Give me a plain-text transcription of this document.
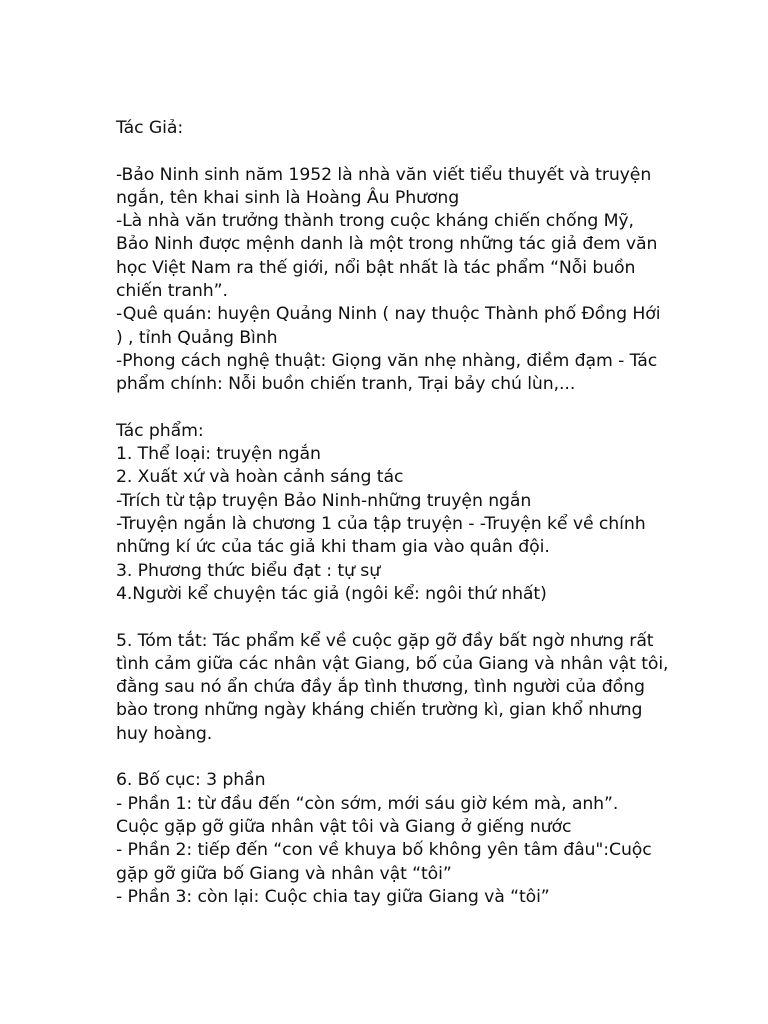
Tác Giả:
-Bảo Ninh sinh năm 1952 là nhà văn viết tiểu thuyết và truyện
ngắn, tên khai sinh là Hoàng Âu Phương
-Là nhà văn trưởng thành trong cuộc kháng chiến chống Mỹ,
Bảo Ninh được mệnh danh là một trong những tác giả đem văn
học Việt Nam ra thế giới, nổi bật nhất là tác phẩm “Nỗi buồn
chiến tranh”.
-Quê quán: huyện Quảng Ninh ( nay thuộc Thành phố Đồng Hới
) , tỉnh Quảng Bình
-Phong cách nghệ thuật: Giọng văn nhẹ nhàng, điềm đạm - Tác
phẩm chính: Nỗi buồn chiến tranh, Trại bảy chú lùn,...
Tác phẩm:
1. Thể loại: truyện ngắn
2. Xuất xứ và hoàn cảnh sáng tác
-Trích từ tập truyện Bảo Ninh-những truyện ngắn
-Truyện ngắn là chương 1 của tập truyện - -Truyện kể về chính
những kí ức của tác giả khi tham gia vào quân đội.
3. Phương thức biểu đạt : tự sự
4.Người kể chuyện tác giả (ngôi kể: ngôi thứ nhất)
5. Tóm tắt: Tác phẩm kể về cuộc gặp gỡ đầy bất ngờ nhưng rất
tình cảm giữa các nhân vật Giang, bố của Giang và nhân vật tôi,
đằng sau nó ẩn chứa đầy ắp tình thương, tình người của đồng
bào trong những ngày kháng chiến trường kì, gian khổ nhưng
huy hoàng.
6. Bố cục: 3 phần
- Phần 1: từ đầu đến “còn sớm, mới sáu giờ kém mà, anh”.
Cuộc gặp gỡ giữa nhân vật tôi và Giang ở giếng nước
- Phần 2: tiếp đến “con về khuya bố không yên tâm đâu":Cuộc
gặp gỡ giữa bố Giang và nhân vật “tôi”
- Phần 3: còn lại: Cuộc chia tay giữa Giang và “tôi”
